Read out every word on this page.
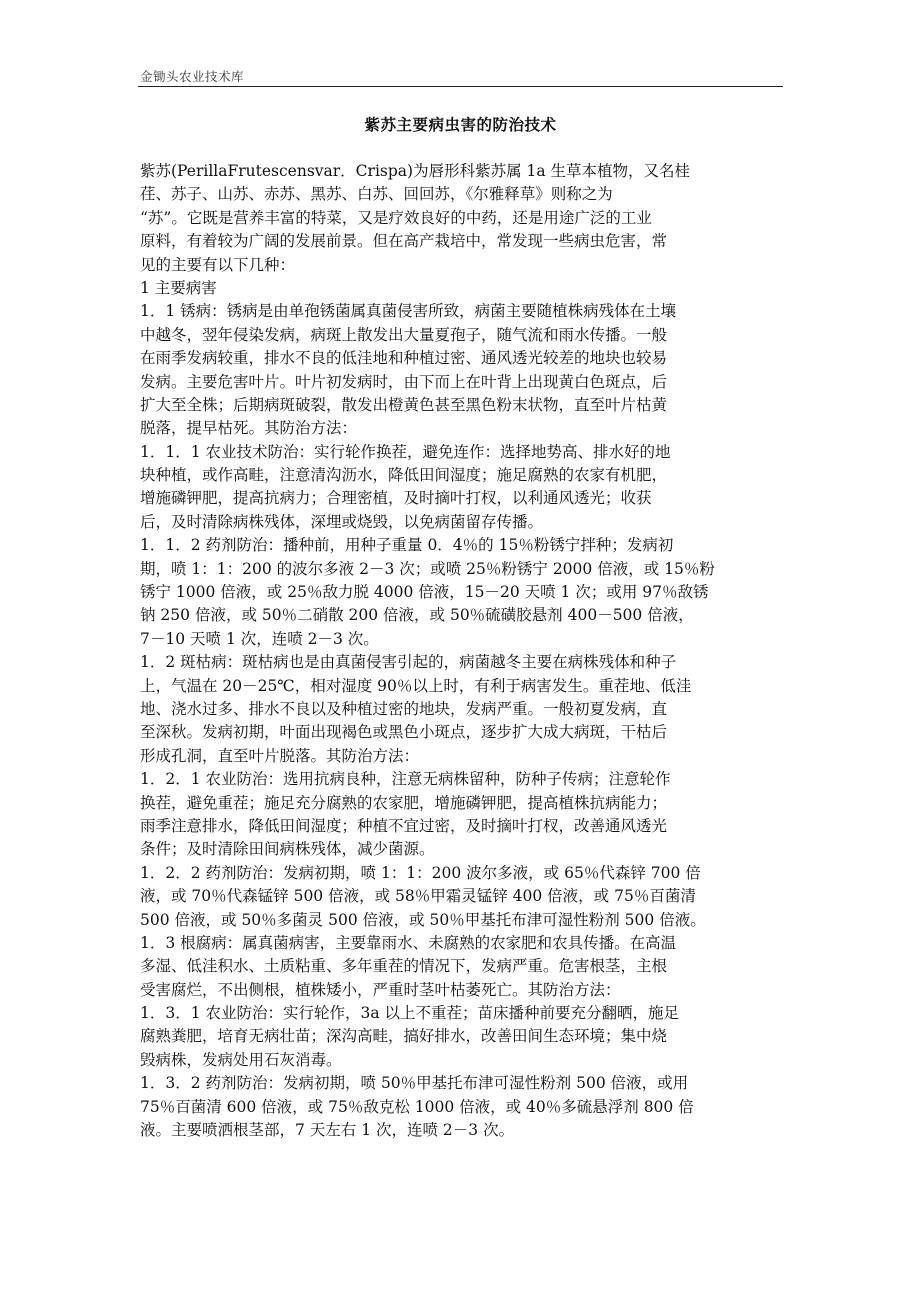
金锄头农业技术库
紫苏主要病虫害的防治技术

紫苏(PerillaFrutescensvar．Crispa)为唇形科紫苏属 1a 生草本植物，又名桂
荏、苏子、山苏、赤苏、黑苏、白苏、回回苏，《尔雅释草》则称之为
“苏”。它既是营养丰富的特菜，又是疗效良好的中药，还是用途广泛的工业
原料，有着较为广阔的发展前景。但在高产栽培中，常发现一些病虫危害，常
见的主要有以下几种：

1 主要病害

1．1 锈病：锈病是由单孢锈菌属真菌侵害所致，病菌主要随植株病残体在土壤
中越冬，翌年侵染发病，病斑上散发出大量夏孢子，随气流和雨水传播。一般
在雨季发病较重，排水不良的低洼地和种植过密、通风透光较差的地块也较易
发病。主要危害叶片。叶片初发病时，由下而上在叶背上出现黄白色斑点，后
扩大至全株；后期病斑破裂，散发出橙黄色甚至黑色粉末状物，直至叶片枯黄
脱落，提早枯死。其防治方法：

1．1．1 农业技术防治：实行轮作换茬，避免连作：选择地势高、排水好的地
块种植，或作高畦，注意清沟沥水，降低田间湿度；施足腐熟的农家有机肥，
增施磷钾肥，提高抗病力；合理密植，及时摘叶打杈，以利通风透光；收获
后，及时清除病株残体，深埋或烧毁，以免病菌留存传播。

1．1．2 药剂防治：播种前，用种子重量 0．4％的 15％粉锈宁拌种；发病初
期，喷 1：1：200 的波尔多液 2－3 次；或喷 25％粉锈宁 2000 倍液，或 15％粉
锈宁 1000 倍液，或 25％敌力脱 4000 倍液，15－20 天喷 1 次；或用 97％敌锈
钠 250 倍液，或 50％二硝散 200 倍液，或 50％硫磺胶悬剂 400－500 倍液，
7－10 天喷 1 次，连喷 2－3 次。

1．2 斑枯病：斑枯病也是由真菌侵害引起的，病菌越冬主要在病株残体和种子
上，气温在 20－25℃，相对湿度 90％以上时，有利于病害发生。重茬地、低洼
地、浇水过多、排水不良以及种植过密的地块，发病严重。一般初夏发病，直
至深秋。发病初期，叶面出现褐色或黑色小斑点，逐步扩大成大病斑，干枯后
形成孔洞，直至叶片脱落。其防治方法：

1．2．1 农业防治：选用抗病良种，注意无病株留种，防种子传病；注意轮作
换茬，避免重茬；施足充分腐熟的农家肥，增施磷钾肥，提高植株抗病能力；
雨季注意排水，降低田间湿度；种植不宜过密，及时摘叶打杈，改善通风透光
条件；及时清除田间病株残体，减少菌源。

1．2．2 药剂防治：发病初期，喷 1：1：200 波尔多液，或 65％代森锌 700 倍
液，或 70％代森锰锌 500 倍液，或 58％甲霜灵锰锌 400 倍液，或 75％百菌清
500 倍液，或 50％多菌灵 500 倍液，或 50％甲基托布津可湿性粉剂 500 倍液。

1．3 根腐病：属真菌病害，主要靠雨水、未腐熟的农家肥和农具传播。在高温
多湿、低洼积水、土质粘重、多年重茬的情况下，发病严重。危害根茎，主根
受害腐烂，不出侧根，植株矮小，严重时茎叶枯萎死亡。其防治方法：

1．3．1 农业防治：实行轮作，3a 以上不重茬；苗床播种前要充分翻晒，施足
腐熟粪肥，培育无病壮苗；深沟高畦，搞好排水，改善田间生态环境；集中烧
毁病株，发病处用石灰消毒。

1．3．2 药剂防治：发病初期，喷 50％甲基托布津可湿性粉剂 500 倍液，或用
75％百菌清 600 倍液，或 75％敌克松 1000 倍液，或 40％多硫悬浮剂 800 倍
液。主要喷洒根茎部，7 天左右 1 次，连喷 2－3 次。
